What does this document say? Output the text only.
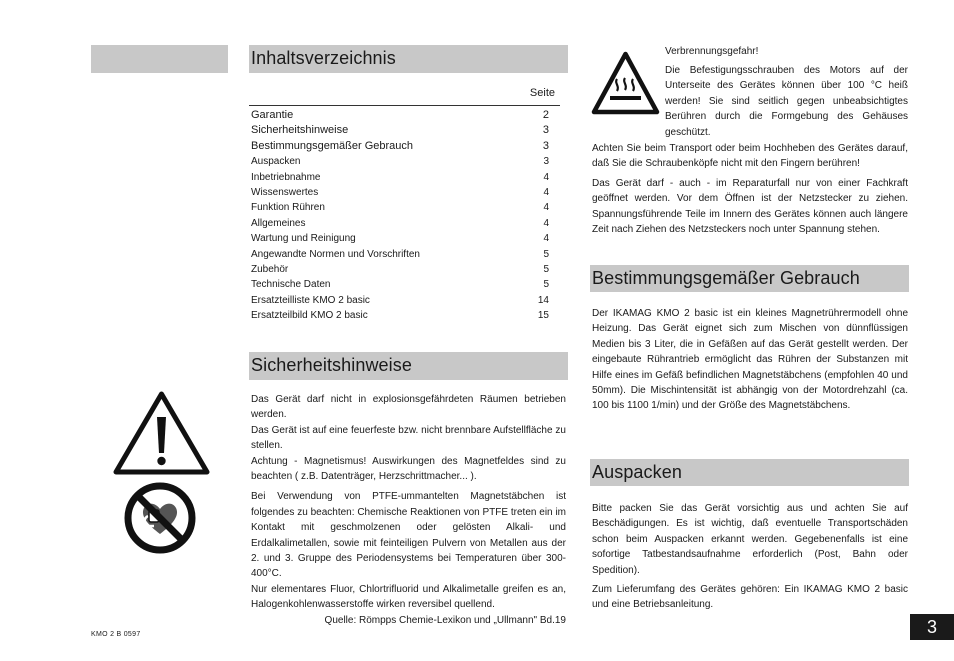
Inhaltsverzeichnis
Seite
Garantie	2
Sicherheitshinweise	3
Bestimmungsgemäßer Gebrauch	3
Auspacken	3
Inbetriebnahme	4
Wissenswertes	4
Funktion Rühren	4
Allgemeines	4
Wartung und Reinigung	4
Angewandte Normen und Vorschriften	5
Zubehör	5
Technische Daten	5
Ersatzteilliste KMO 2 basic	14
Ersatzteilbild KMO 2 basic	15
Sicherheitshinweise
Das Gerät darf nicht in explosionsgefährdeten Räumen betrieben werden.
Das Gerät ist auf eine feuerfeste bzw. nicht brennbare Aufstellfläche zu stellen.
Achtung - Magnetismus! Auswirkungen des Magnetfeldes sind zu beachten ( z.B. Datenträger, Herzschrittmacher... ).
Bei Verwendung von PTFE-ummantelten Magnetstäbchen ist folgendes zu beachten: Chemische Reaktionen von PTFE treten ein im Kontakt mit geschmolzenen oder gelösten Alkali- und Erdalkalimetallen, sowie mit feinteiligen Pulvern von Metallen aus der 2. und 3. Gruppe des Periodensystems bei Temperaturen über 300-400°C.
Nur elementares Fluor, Chlortrifluorid und Alkalimetalle greifen es an, Halogenkohlenwasserstoffe wirken reversibel quellend.
Quelle: Römpps Chemie-Lexikon und „Ullmann" Bd.19
Verbrennungsgefahr!
Die Befestigungsschrauben des Motors auf der Unterseite des Gerätes können über 100 °C heiß werden! Sie sind seitlich gegen unbeabsichtigtes Berühren durch die Formgebung des Gehäuses geschützt.
Achten Sie beim Transport oder beim Hochheben des Gerätes darauf, daß Sie die Schraubenköpfe nicht mit den Fingern berühren!
Das Gerät darf - auch - im Reparaturfall nur von einer Fachkraft geöffnet werden. Vor dem Öffnen ist der Netzstecker zu ziehen. Spannungsführende Teile im Innern des Gerätes können auch längere Zeit nach Ziehen des Netzsteckers noch unter Spannung stehen.
Bestimmungsgemäßer Gebrauch
Der IKAMAG KMO 2 basic ist ein kleines Magnetrührermodell ohne Heizung. Das Gerät eignet sich zum Mischen von dünnflüssigen Medien bis 3 Liter, die in Gefäßen auf das Gerät gestellt werden. Der eingebaute Rührantrieb ermöglicht das Rühren der Substanzen mit Hilfe eines im Gefäß befindlichen Magnetstäbchens (empfohlen 40 und 50mm). Die Mischintensität ist abhängig von der Motordrehzahl (ca. 100 bis 1100 1/min) und der Größe des Magnetstäbchens.
Auspacken
Bitte packen Sie das Gerät vorsichtig aus und achten Sie auf Beschädigungen. Es ist wichtig, daß eventuelle Transportschäden schon beim Auspacken erkannt werden. Gegebenenfalls ist eine sofortige Tatbestandsaufnahme erforderlich (Post, Bahn oder Spedition).
Zum Lieferumfang des Gerätes gehören: Ein IKAMAG KMO 2 basic und eine Betriebsanleitung.
KMO 2 B 0597	3
